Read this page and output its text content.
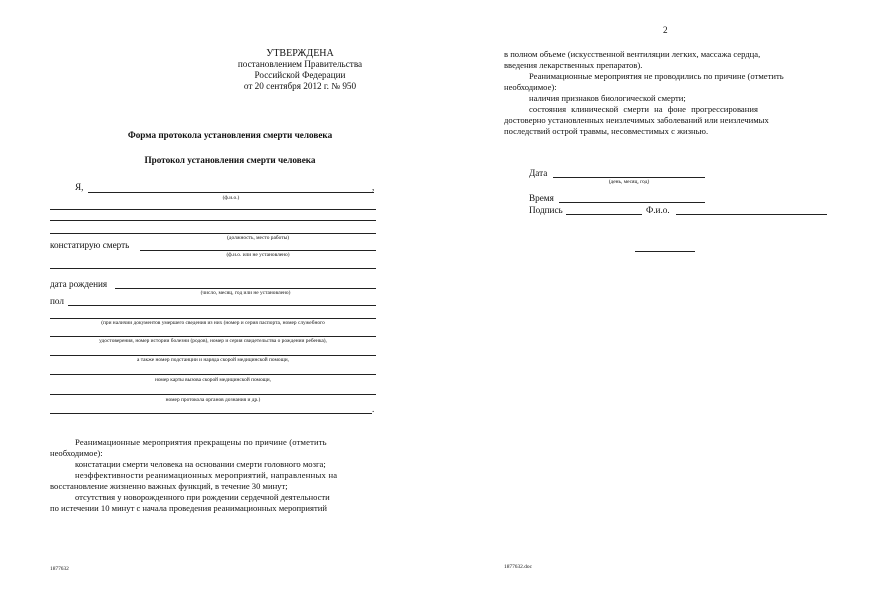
УТВЕРЖДЕНА
постановлением Правительства
Российской Федерации
от 20 сентября 2012 г. № 950
Форма протокола установления смерти человека
Протокол установления смерти человека
Я,	,
(ф.и.о.)
(должность, место работы)
констатирую смерть
(ф.и.о. или не установлено)
дата рождения
(число, месяц, год или не установлено)
пол
(при наличии документов умершего сведения из них (номер и серия паспорта, номер служебного
удостоверения, номер истории болезни (родов), номер и серия свидетельства о рождении ребенка),
а также номер подстанции и наряда скорой медицинской помощи,
номер карты вызова скорой медицинской помощи,
номер протокола органов дознания и др.)
.
Реанимационные мероприятия прекращены по причине (отметить
необходимое):
констатации смерти человека на основании смерти головного мозга;
неэффективности реанимационных мероприятий, направленных на
восстановление жизненно важных функций, в течение 30 минут;
отсутствия у новорожденного при рождении сердечной деятельности
по истечении 10 минут с начала проведения реанимационных мероприятий
1877632
2
в полном объеме (искусственной вентиляции легких, массажа сердца,
введения лекарственных препаратов).
Реанимационные мероприятия не проводились по причине (отметить
необходимое):
наличия признаков биологической смерти;
состояния клинической смерти на фоне прогрессирования
достоверно установленных неизлечимых заболеваний или неизлечимых
последствий острой травмы, несовместимых с жизнью.
Дата
(день, месяц, год)
Время
Подпись	Ф.и.о.
1877632.doc
